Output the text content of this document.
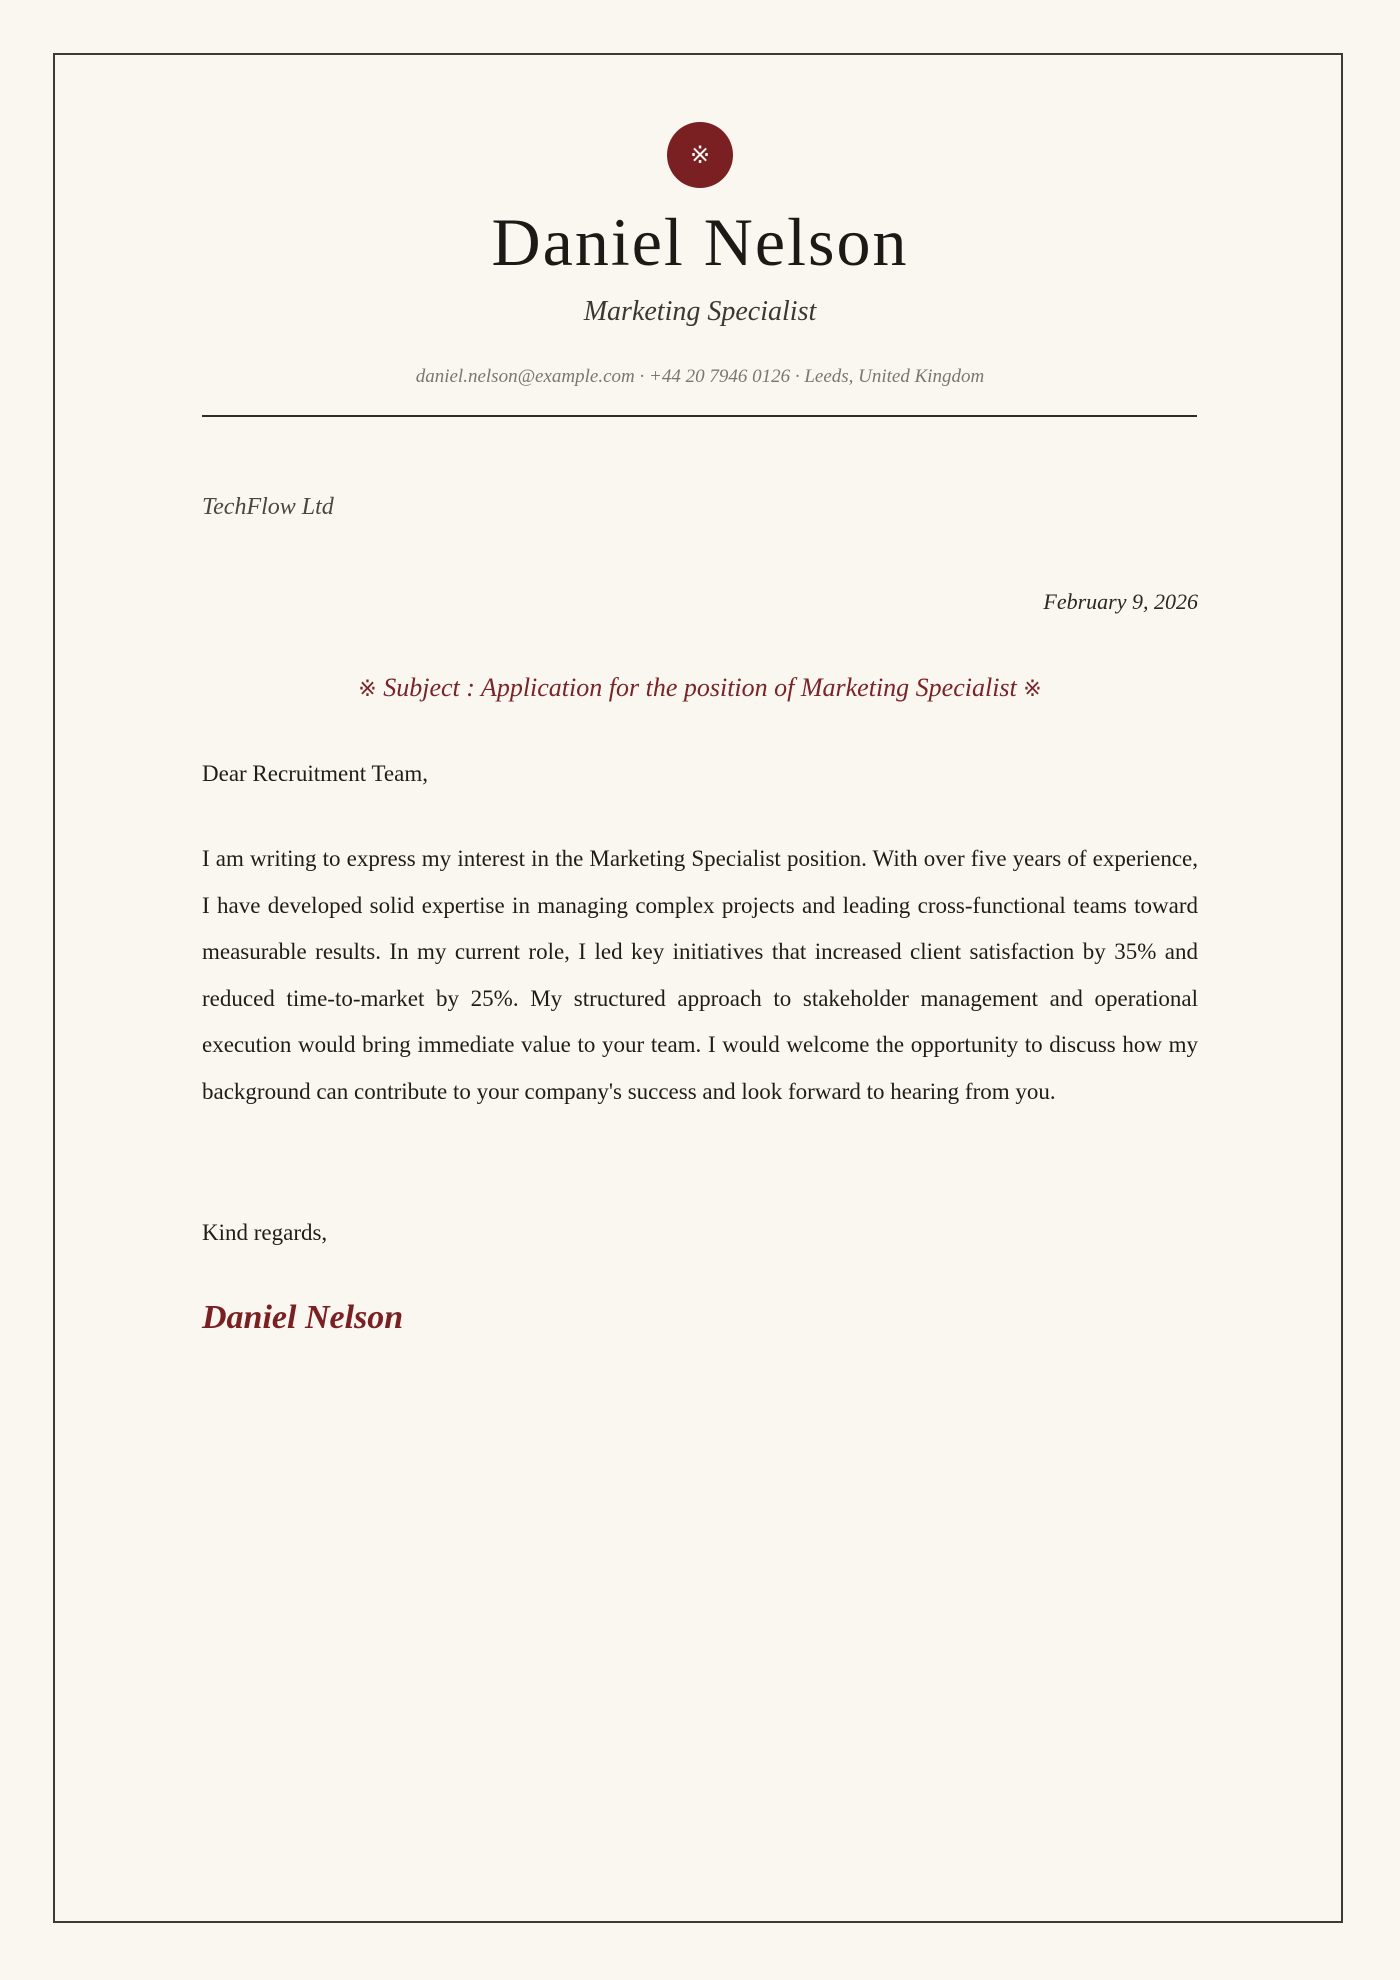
※
Daniel Nelson
Marketing Specialist
daniel.nelson@example.com · +44 20 7946 0126 · Leeds, United Kingdom
TechFlow Ltd
February 9, 2026
※ Subject : Application for the position of Marketing Specialist ※
Dear Recruitment Team,

I am writing to express my interest in the Marketing Specialist position. With over five years of experience, I have developed solid expertise in managing complex projects and leading cross-functional teams toward measurable results. In my current role, I led key initiatives that increased client satisfaction by 35% and reduced time-to-market by 25%. My structured approach to stakeholder management and operational execution would bring immediate value to your team. I would welcome the opportunity to discuss how my background can contribute to your company's success and look forward to hearing from you.

Kind regards,
Daniel Nelson
